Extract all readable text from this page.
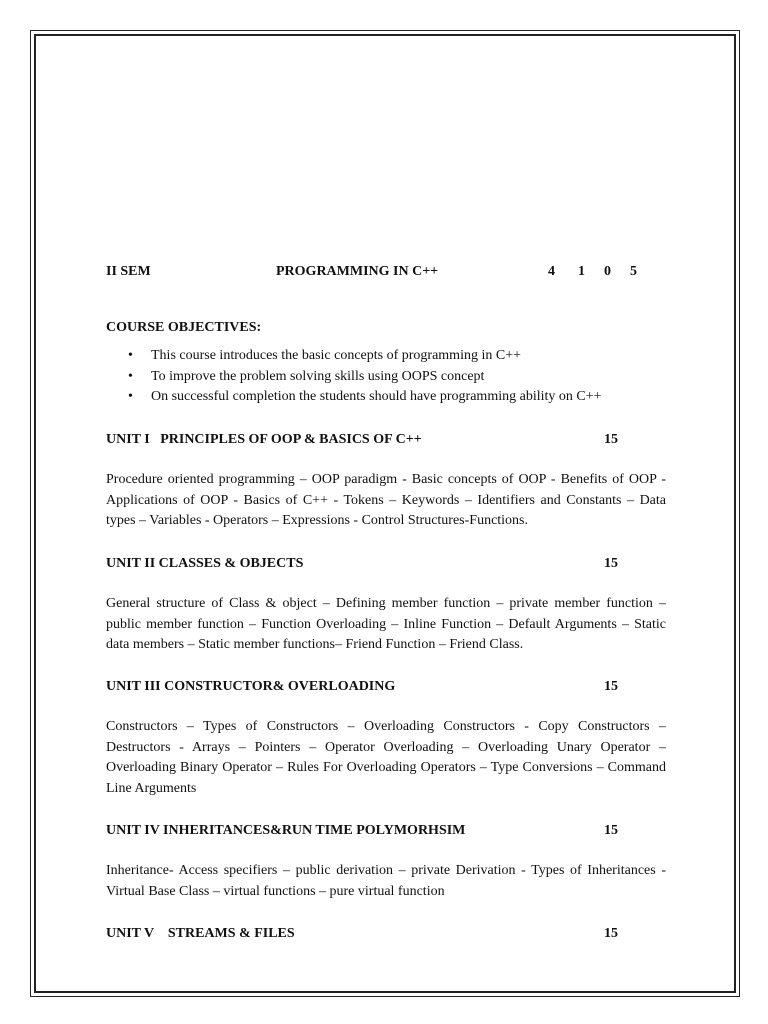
II SEM	PROGRAMMING IN C++	4 1 0 5
COURSE OBJECTIVES:
• This course introduces the basic concepts of programming in C++
• To improve the problem solving skills using OOPS concept
• On successful completion the students should have programming ability on C++
UNIT I   PRINCIPLES OF OOP & BASICS OF C++	15
Procedure oriented programming – OOP paradigm - Basic concepts of OOP - Benefits of OOP -Applications of OOP - Basics of C++ - Tokens – Keywords – Identifiers and Constants – Data types – Variables - Operators – Expressions - Control Structures-Functions.
UNIT II CLASSES & OBJECTS	15
General structure of Class & object – Defining member function – private member function – public member function – Function Overloading – Inline Function – Default Arguments – Static data members – Static member functions– Friend Function – Friend Class.
UNIT III CONSTRUCTOR& OVERLOADING	15
Constructors – Types of Constructors – Overloading Constructors - Copy Constructors – Destructors - Arrays – Pointers – Operator Overloading – Overloading Unary Operator – Overloading Binary Operator – Rules For Overloading Operators – Type Conversions – Command Line Arguments
UNIT IV INHERITANCES&RUN TIME POLYMORHSIM	15
Inheritance- Access specifiers – public derivation – private Derivation - Types of Inheritances -Virtual Base Class – virtual functions – pure virtual function
UNIT V    STREAMS & FILES	15
